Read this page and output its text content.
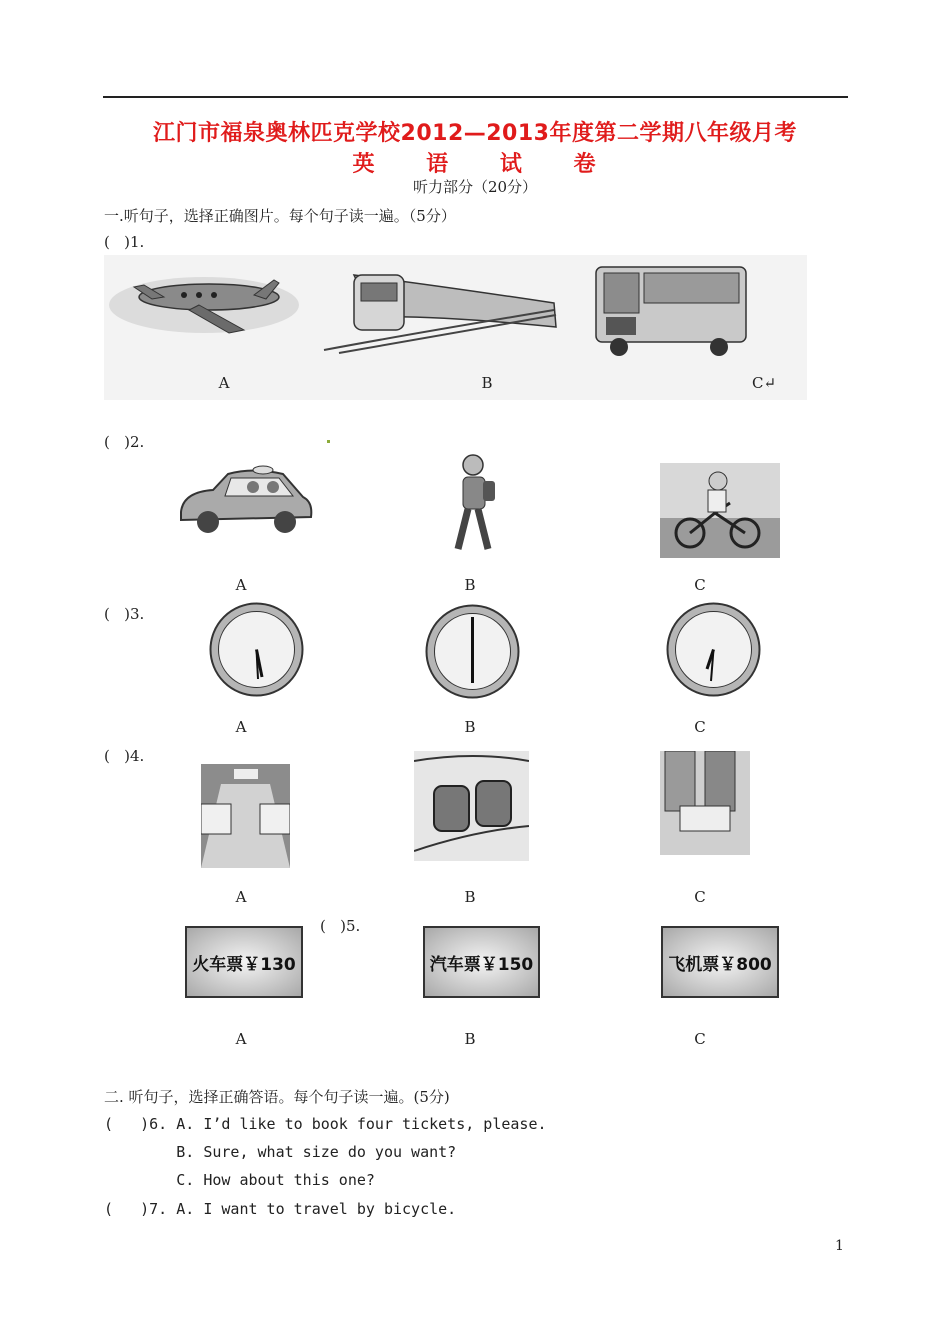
江门市福泉奥林匹克学校2012—2013年度第二学期八年级月考
英 语 试 卷
听力部分（20分）
一.听句子，选择正确图片。每个句子读一遍。（5分）
(   )1.
A	B	C↵
(   )2.
A	B	C
(   )3.
A	B	C
(   )4.
A	B	C
(   )5.
火车票￥130	汽车票￥150	飞机票￥800
A	B	C
二. 听句子，选择正确答语。每个句子读一遍。(5分)
(   )6. A. I’d like to book four tickets, please.
B. Sure, what size do you want?
C. How about this one?
(   )7. A. I want to travel by bicycle.
1
